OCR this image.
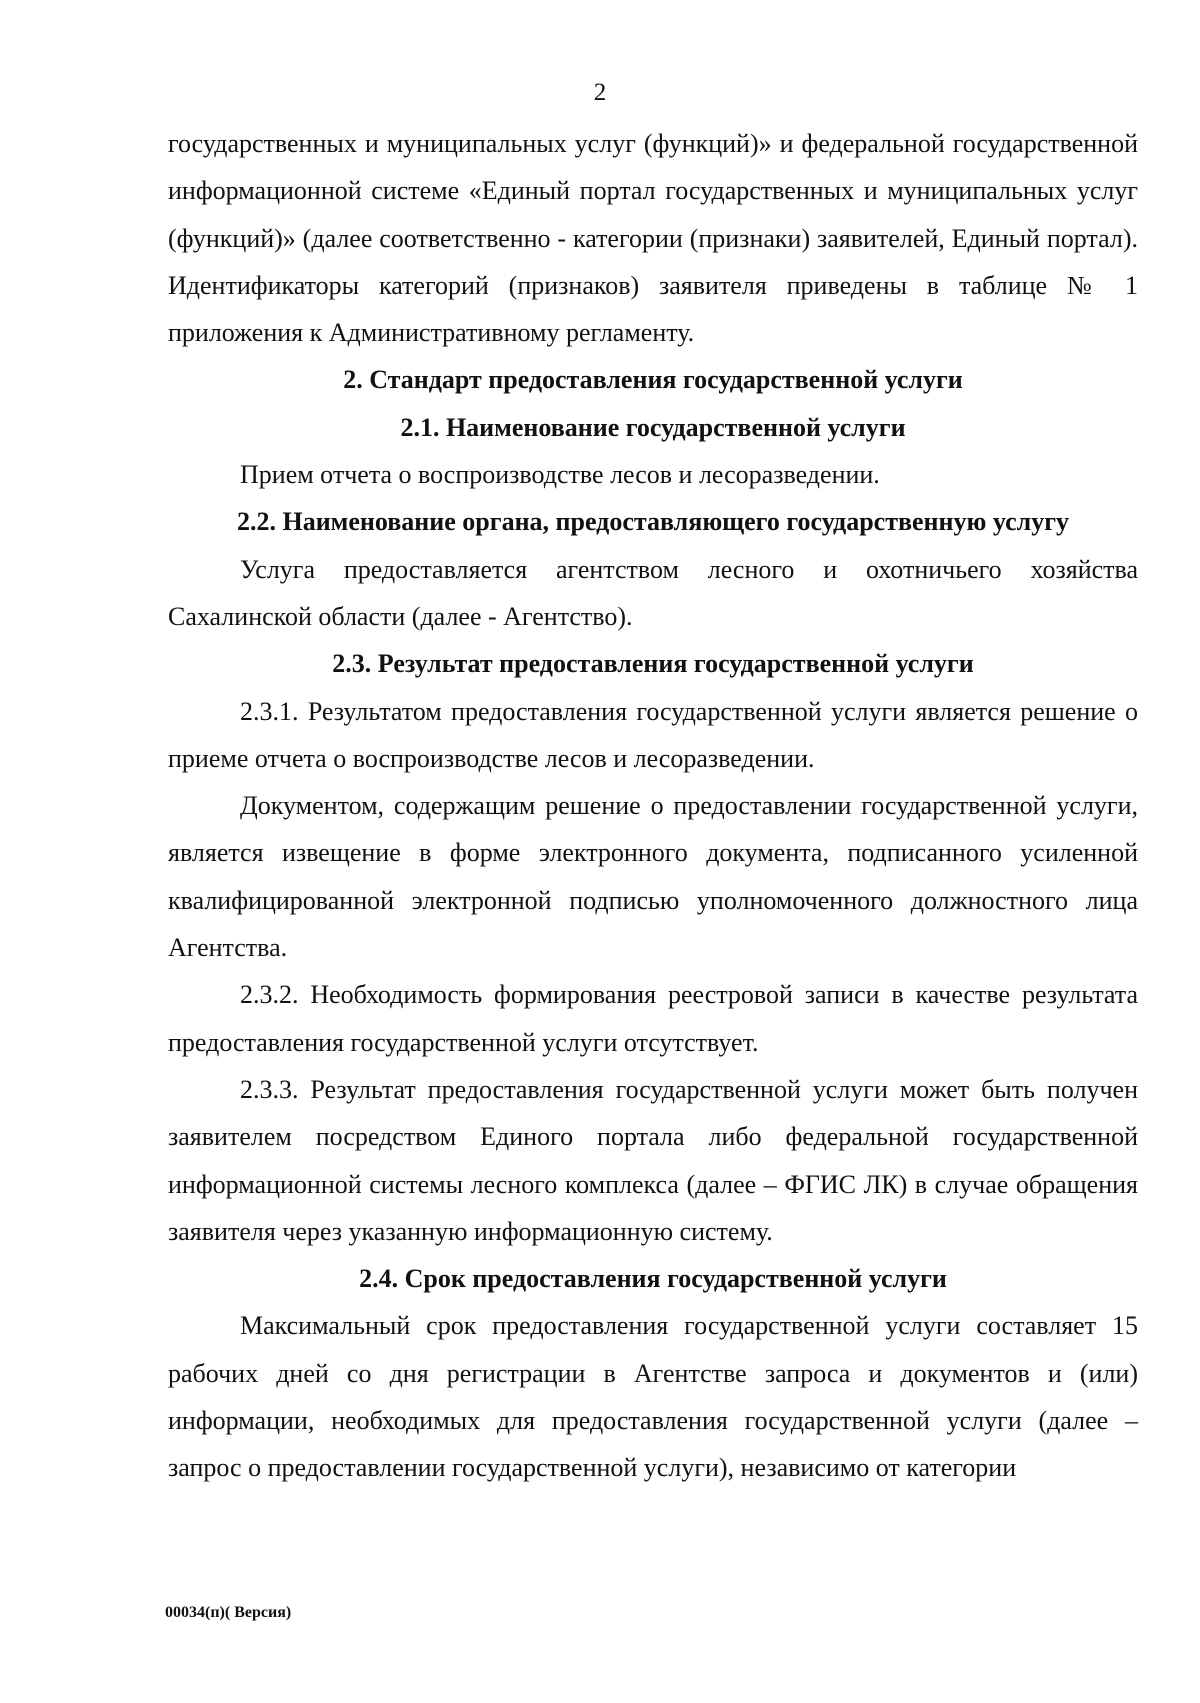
2

государственных и муниципальных услуг (функций)» и федеральной государственной информационной системе «Единый портал государственных и муниципальных услуг (функций)» (далее соответственно - категории (признаки) заявителей, Единый портал). Идентификаторы категорий (признаков) заявителя приведены в таблице № 1 приложения к Административному регламенту.

2. Стандарт предоставления государственной услуги

2.1. Наименование государственной услуги

Прием отчета о воспроизводстве лесов и лесоразведении.

2.2. Наименование органа, предоставляющего государственную услугу

Услуга предоставляется агентством лесного и охотничьего хозяйства Сахалинской области (далее - Агентство).

2.3. Результат предоставления государственной услуги

2.3.1. Результатом предоставления государственной услуги является решение о приеме отчета о воспроизводстве лесов и лесоразведении.

Документом, содержащим решение о предоставлении государственной услуги, является извещение в форме электронного документа, подписанного усиленной квалифицированной электронной подписью уполномоченного должностного лица Агентства.

2.3.2. Необходимость формирования реестровой записи в качестве результата предоставления государственной услуги отсутствует.

2.3.3. Результат предоставления государственной услуги может быть получен заявителем посредством Единого портала либо федеральной государственной информационной системы лесного комплекса (далее – ФГИС ЛК) в случае обращения заявителя через указанную информационную систему.

2.4. Срок предоставления государственной услуги

Максимальный срок предоставления государственной услуги составляет 15 рабочих дней со дня регистрации в Агентстве запроса и документов и (или) информации, необходимых для предоставления государственной услуги (далее – запрос о предоставлении государственной услуги), независимо от категории

00034(п)( Версия)
